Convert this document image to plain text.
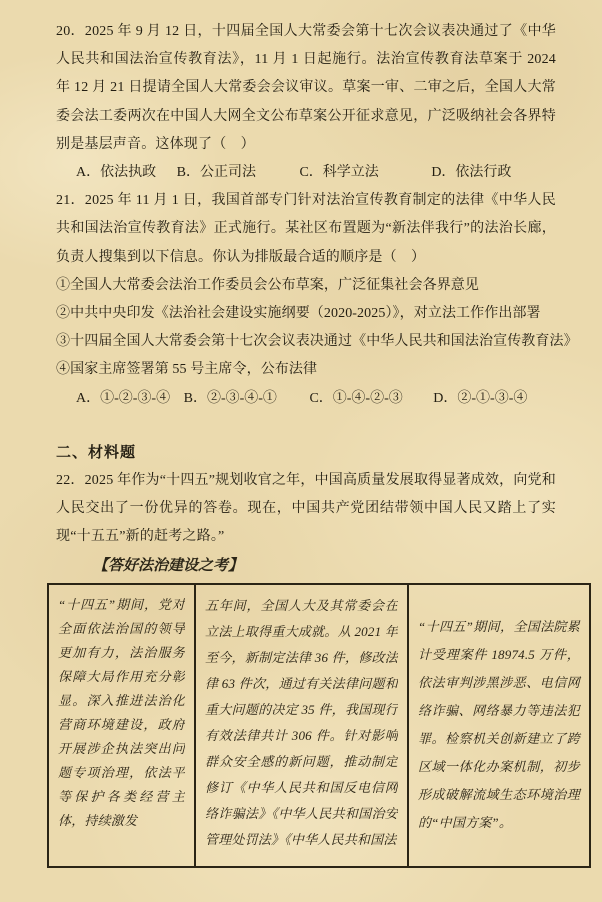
20．2025 年 9 月 12 日，十四届全国人大常委会第十七次会议表决通过了《中华人民共和国法治宣传教育法》，11 月 1 日起施行。法治宣传教育法草案于 2024 年 12 月 21 日提请全国人大常委会会议审议。草案一审、二审之后，全国人大常委会法工委两次在中国人大网全文公布草案公开征求意见，广泛吸纳社会各界特别是基层声音。这体现了（　）

A．依法执政 B．公正司法	C．科学立法	D．依法行政

21．2025 年 11 月 1 日，我国首部专门针对法治宣传教育制定的法律《中华人民共和国法治宣传教育法》正式施行。某社区布置题为“新法伴我行”的法治长廊，负责人搜集到以下信息。你认为排版最合适的顺序是（　）

①全国人大常委会法治工作委员会公布草案，广泛征集社会各界意见

②中共中央印发《法治社会建设实施纲要（2020-2025）》，对立法工作作出部署

③十四届全国人大常委会第十七次会议表决通过《中华人民共和国法治宣传教育法》

④国家主席签署第 55 号主席令，公布法律

A．①-②-③-④ B．②-③-④-① C．①-④-②-③ D．②-①-③-④

二、材料题

22．2025 年作为“十四五”规划收官之年，中国高质量发展取得显著成效，向党和人民交出了一份优异的答卷。现在，中国共产党团结带领中国人民又踏上了实现“十五五”新的赶考之路。”

【答好法治建设之考】

“十四五”期间，党对全面依法治国的领导更加有力，法治服务保障大局作用充分彰显。深入推进法治化营商环境建设，政府开展涉企执法突出问题专项治理，依法平等保护各类经营主体，持续激发

五年间，全国人大及其常委会在立法上取得重大成就。从 2021 年至今，新制定法律 36 件，修改法律 63 件次，通过有关法律问题和重大问题的决定 35 件，我国现行有效法律共计 306 件。针对影响群众安全感的新问题，推动制定修订《中华人民共和国反电信网络诈骗法》《中华人民共和国治安管理处罚法》《中华人民共和国法

“十四五”期间，全国法院累计受理案件 18974.5 万件，依法审判涉黑涉恶、电信网络诈骗、网络暴力等违法犯罪。检察机关创新建立了跨区域一体化办案机制，初步形成破解流域生态环境治理的“中国方案”。
